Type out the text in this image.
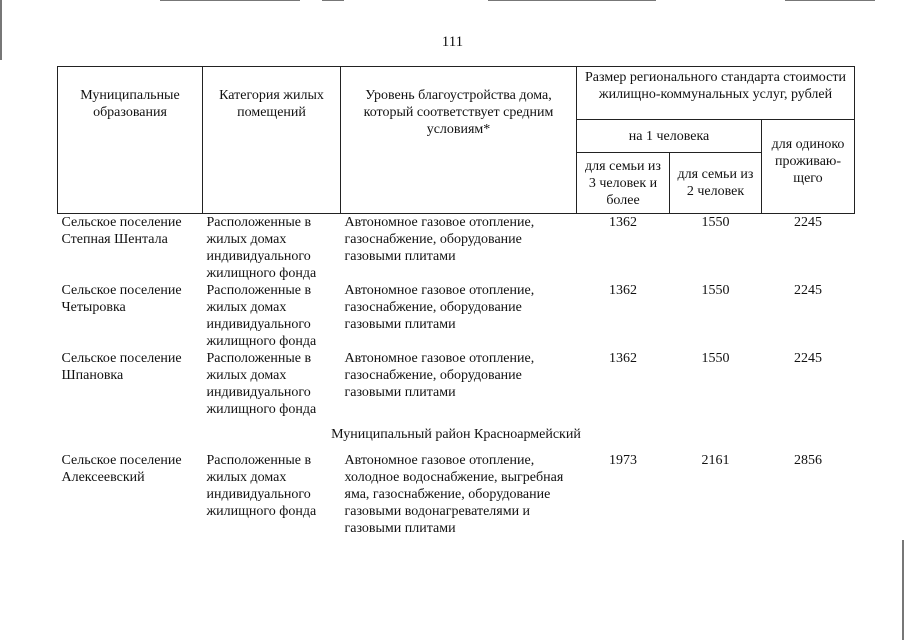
111
Муниципальные образования	Категория жилых помещений	Уровень благоустройства дома, который соответствует средним условиям*	Размер регионального стандарта стоимости жилищно-коммунальных услуг, рублей		
			на 1 человека		для одиноко проживаю-щего
			для семьи из 3 человек и более	для семьи из 2 человек	
Сельское поселение Степная Шентала	Расположенные в жилых домах индивидуального жилищного фонда	Автономное газовое отопление, газоснабжение, оборудование газовыми плитами	1362	1550	2245
Сельское поселение Четыровка	Расположенные в жилых домах индивидуального жилищного фонда	Автономное газовое отопление, газоснабжение, оборудование газовыми плитами	1362	1550	2245
Сельское поселение Шпановка	Расположенные в жилых домах индивидуального жилищного фонда	Автономное газовое отопление, газоснабжение, оборудование газовыми плитами	1362	1550	2245
Муниципальный район Красноармейский					
Сельское поселение Алексеевский	Расположенные в жилых домах индивидуального жилищного фонда	Автономное газовое отопление, холодное водоснабжение, выгребная яма, газоснабжение, оборудование газовыми водонагревателями и газовыми плитами	1973	2161	2856
